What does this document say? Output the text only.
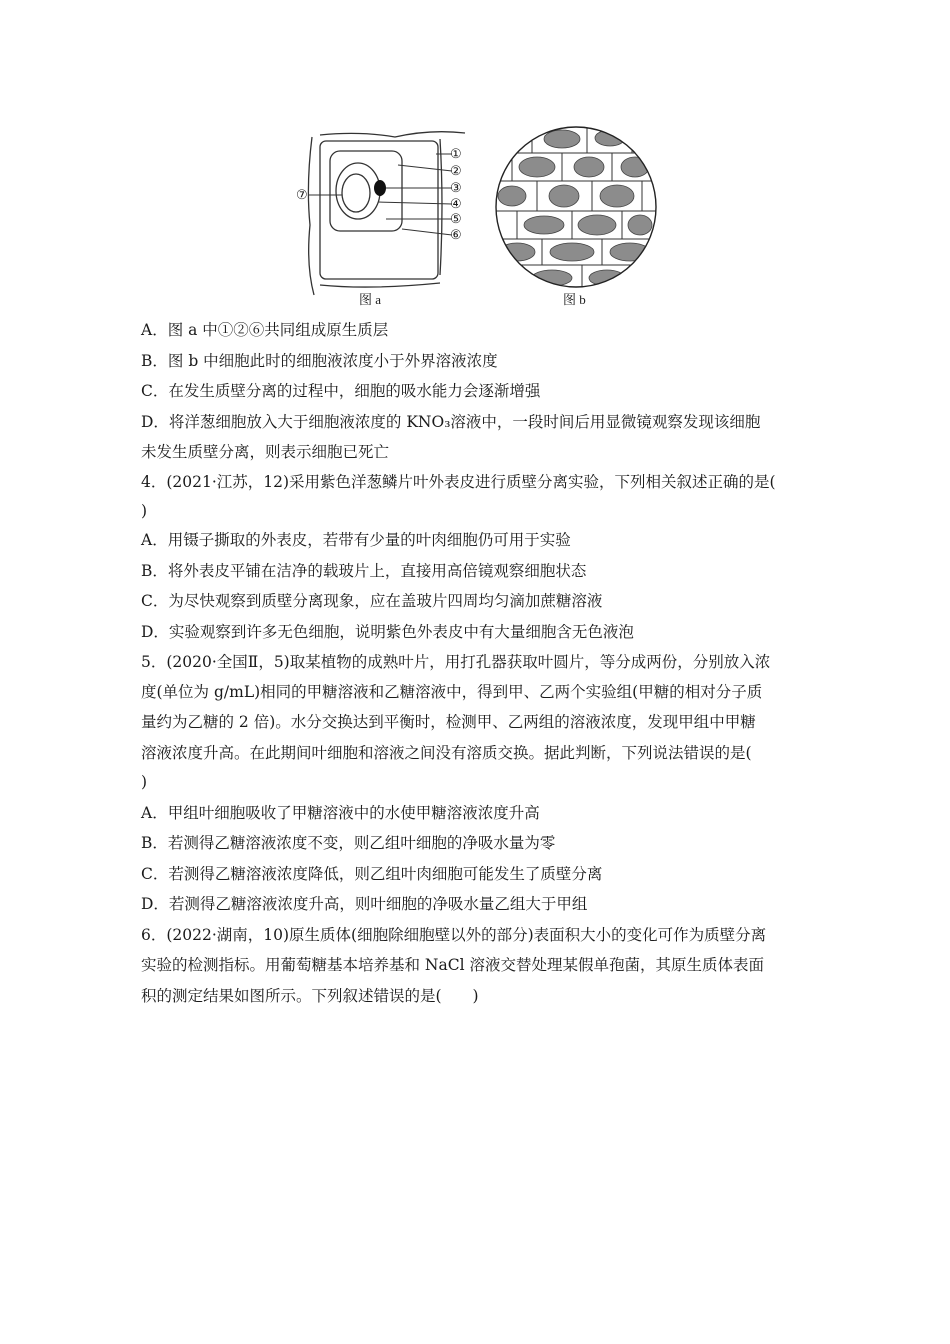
①
②
③
④
⑤
⑥
⑦
图 a	图 b
A．图 a 中①②⑥共同组成原生质层
B．图 b 中细胞此时的细胞液浓度小于外界溶液浓度
C．在发生质壁分离的过程中，细胞的吸水能力会逐渐增强
D．将洋葱细胞放入大于细胞液浓度的 KNO₃溶液中，一段时间后用显微镜观察发现该细胞
未发生质壁分离，则表示细胞已死亡
4．(2021·江苏，12)采用紫色洋葱鳞片叶外表皮进行质壁分离实验，下列相关叙述正确的是(
)
A．用镊子撕取的外表皮，若带有少量的叶肉细胞仍可用于实验
B．将外表皮平铺在洁净的载玻片上，直接用高倍镜观察细胞状态
C．为尽快观察到质壁分离现象，应在盖玻片四周均匀滴加蔗糖溶液
D．实验观察到许多无色细胞，说明紫色外表皮中有大量细胞含无色液泡
5．(2020·全国Ⅱ，5)取某植物的成熟叶片，用打孔器获取叶圆片，等分成两份，分别放入浓
度(单位为 g/mL)相同的甲糖溶液和乙糖溶液中，得到甲、乙两个实验组(甲糖的相对分子质
量约为乙糖的 2 倍)。水分交换达到平衡时，检测甲、乙两组的溶液浓度，发现甲组中甲糖
溶液浓度升高。在此期间叶细胞和溶液之间没有溶质交换。据此判断，下列说法错误的是(
)
A．甲组叶细胞吸收了甲糖溶液中的水使甲糖溶液浓度升高
B．若测得乙糖溶液浓度不变，则乙组叶细胞的净吸水量为零
C．若测得乙糖溶液浓度降低，则乙组叶肉细胞可能发生了质壁分离
D．若测得乙糖溶液浓度升高，则叶细胞的净吸水量乙组大于甲组
6．(2022·湖南，10)原生质体(细胞除细胞壁以外的部分)表面积大小的变化可作为质壁分离
实验的检测指标。用葡萄糖基本培养基和 NaCl 溶液交替处理某假单孢菌，其原生质体表面
积的测定结果如图所示。下列叙述错误的是(　　)
